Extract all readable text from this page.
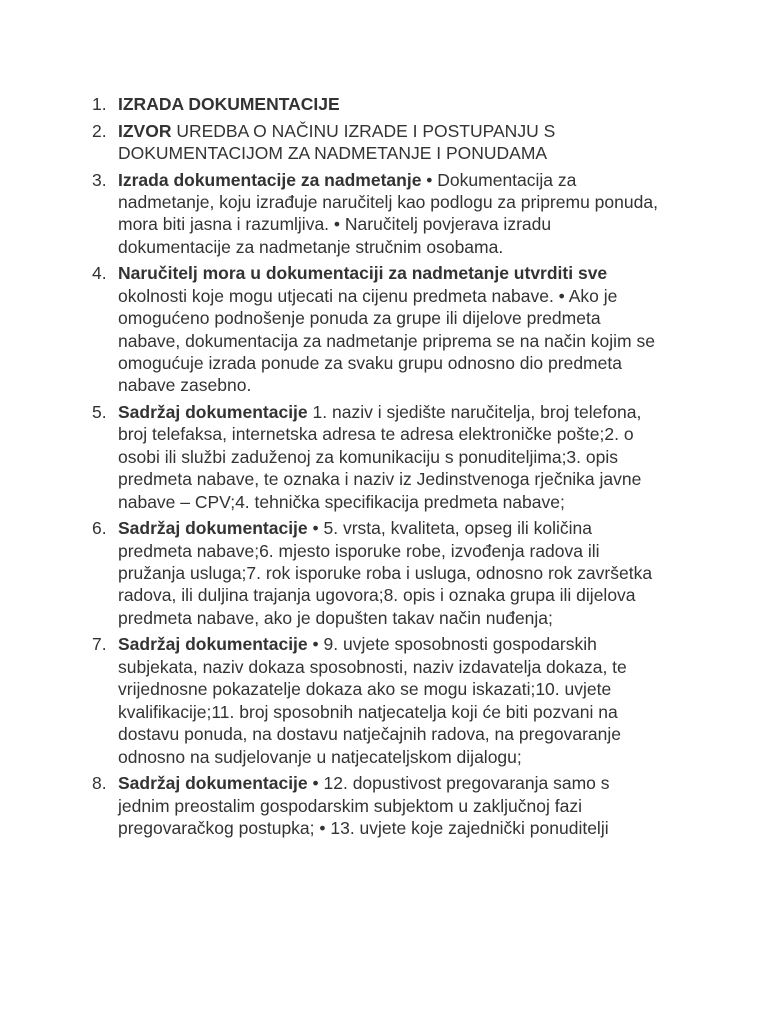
1. IZRADA DOKUMENTACIJE
2. IZVOR UREDBA O NAČINU IZRADE I POSTUPANJU S DOKUMENTACIJOM ZA NADMETANJE I PONUDAMA
3. Izrada dokumentacije za nadmetanje • Dokumentacija za nadmetanje, koju izrađuje naručitelj kao podlogu za pripremu ponuda, mora biti jasna i razumljiva. • Naručitelj povjerava izradu dokumentacije za nadmetanje stručnim osobama.
4. Naručitelj mora u dokumentaciji za nadmetanje utvrditi sve okolnosti koje mogu utjecati na cijenu predmeta nabave. • Ako je omogućeno podnošenje ponuda za grupe ili dijelove predmeta nabave, dokumentacija za nadmetanje priprema se na način kojim se omogućuje izrada ponude za svaku grupu odnosno dio predmeta nabave zasebno.
5. Sadržaj dokumentacije 1. naziv i sjedište naručitelja, broj telefona, broj telefaksa, internetska adresa te adresa elektroničke pošte;2. o osobi ili službi zaduženoj za komunikaciju s ponuditeljima;3. opis predmeta nabave, te oznaka i naziv iz Jedinstvenoga rječnika javne nabave – CPV;4. tehnička specifikacija predmeta nabave;
6. Sadržaj dokumentacije • 5. vrsta, kvaliteta, opseg ili količina predmeta nabave;6. mjesto isporuke robe, izvođenja radova ili pružanja usluga;7. rok isporuke roba i usluga, odnosno rok završetka radova, ili duljina trajanja ugovora;8. opis i oznaka grupa ili dijelova predmeta nabave, ako je dopušten takav način nuđenja;
7. Sadržaj dokumentacije • 9. uvjete sposobnosti gospodarskih subjekata, naziv dokaza sposobnosti, naziv izdavatelja dokaza, te vrijednosne pokazatelje dokaza ako se mogu iskazati;10. uvjete kvalifikacije;11. broj sposobnih natjecatelja koji će biti pozvani na dostavu ponuda, na dostavu natječajnih radova, na pregovaranje odnosno na sudjelovanje u natjecateljskom dijalogu;
8. Sadržaj dokumentacije • 12. dopustivost pregovaranja samo s jednim preostalim gospodarskim subjektom u zaključnoj fazi pregovaračkog postupka; • 13. uvjete koje zajednički ponuditelji
